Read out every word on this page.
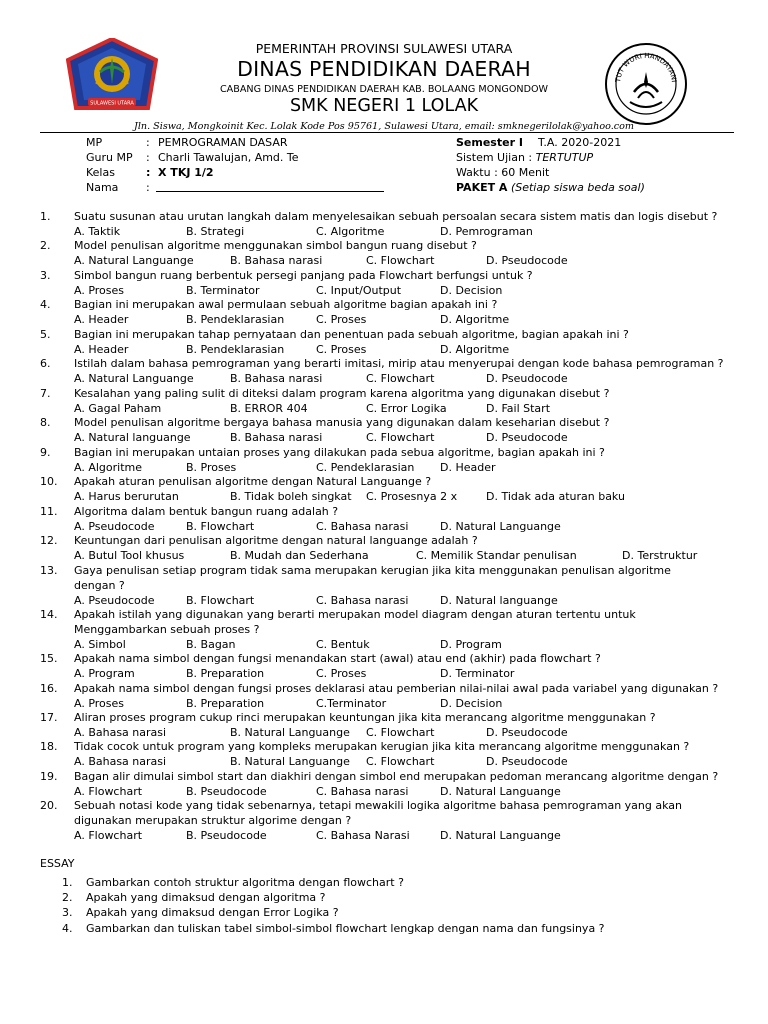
SULAWESI UTARA
TUT WURI HANDAYANI
PEMERINTAH PROVINSI SULAWESI UTARA
DINAS PENDIDIKAN DAERAH
CABANG DINAS PENDIDIKAN DAERAH KAB. BOLAANG MONGONDOW
SMK NEGERI 1 LOLAK
Jln. Siswa, Mongkoinit Kec. Lolak Kode Pos 95761, Sulawesi Utara, email: smknegerilolak@yahoo.com
MP	: PEMROGRAMAN DASAR
Guru MP : Charli Tawalujan, Amd. Te
Kelas	: X TKJ 1/2
Nama	:
Semester I T.A. 2020-2021
Sistem Ujian : TERTUTUP
Waktu : 60 Menit
PAKET A (Setiap siswa beda soal)
1. Suatu susunan atau urutan langkah dalam menyelesaikan sebuah persoalan secara sistem matis dan logis disebut ?
A. Taktik	B. Strategi	C. Algoritme	D. Pemrograman
2. Model penulisan algoritme menggunakan simbol bangun ruang disebut ?
A. Natural Languange	B. Bahasa narasi	C. Flowchart	D. Pseudocode
3. Simbol bangun ruang berbentuk persegi panjang pada Flowchart berfungsi untuk ?
A. Proses	B. Terminator	C. Input/Output	D. Decision
4. Bagian ini merupakan awal permulaan sebuah algoritme bagian apakah ini ?
A. Header	B. Pendeklarasian	C. Proses	D. Algoritme
5. Bagian ini merupakan tahap pernyataan dan penentuan pada sebuah algoritme, bagian apakah ini ?
A. Header	B. Pendeklarasian	C. Proses	D. Algoritme
6. Istilah dalam bahasa pemrograman yang berarti imitasi, mirip atau menyerupai dengan kode bahasa pemrograman ?
A. Natural Languange	B. Bahasa narasi	C. Flowchart	D. Pseudocode
7. Kesalahan yang paling sulit di diteksi dalam program karena algoritma yang digunakan disebut ?
A. Gagal Paham	B. ERROR 404	C. Error Logika	D. Fail Start
8. Model penulisan algoritme bergaya bahasa manusia yang digunakan dalam keseharian disebut ?
A. Natural languange	B. Bahasa narasi	C. Flowchart	D. Pseudocode
9. Bagian ini merupakan untaian proses yang dilakukan pada sebua algoritme, bagian apakah ini ?
A. Algoritme	B. Proses	C. Pendeklarasian D. Header
10. Apakah aturan penulisan algoritme dengan Natural Languange ?
A. Harus berurutan	B. Tidak boleh singkat C. Prosesnya 2 x	D. Tidak ada aturan baku
11. Algoritma dalam bentuk bangun ruang adalah ?
A. Pseudocode	B. Flowchart	C. Bahasa narasi	D. Natural Languange
12. Keuntungan dari penulisan algoritme dengan natural languange adalah ?
A. Butul Tool khusus	B. Mudah dan Sederhana	C. Memilik Standar penulisan	D. Terstruktur
13. Gaya penulisan setiap program tidak sama merupakan kerugian jika kita menggunakan penulisan algoritme
dengan ?
A. Pseudocode	B. Flowchart	C. Bahasa narasi	D. Natural languange
14. Apakah istilah yang digunakan yang berarti merupakan model diagram dengan aturan tertentu untuk
Menggambarkan sebuah proses ?
A. Simbol	B. Bagan	C. Bentuk	D. Program
15. Apakah nama simbol dengan fungsi menandakan start (awal) atau end (akhir) pada flowchart ?
A. Program	B. Preparation	C. Proses	D. Terminator
16. Apakah nama simbol dengan fungsi proses deklarasi atau pemberian nilai-nilai awal pada variabel yang digunakan ?
A. Proses	B. Preparation	C.Terminator	D. Decision
17. Aliran proses program cukup rinci merupakan keuntungan jika kita merancang algoritme menggunakan ?
A. Bahasa narasi	B. Natural Languange C. Flowchart	D. Pseudocode
18. Tidak cocok untuk program yang kompleks merupakan kerugian jika kita merancang algoritme menggunakan ?
A. Bahasa narasi	B. Natural Languange C. Flowchart	D. Pseudocode
19. Bagan alir dimulai simbol start dan diakhiri dengan simbol end merupakan pedoman merancang algoritme dengan ?
A. Flowchart	B. Pseudocode	C. Bahasa narasi	D. Natural Languange
20. Sebuah notasi kode yang tidak sebenarnya, tetapi mewakili logika algoritme bahasa pemrograman yang akan
digunakan merupakan struktur algorime dengan ?
A. Flowchart	B. Pseudocode	C. Bahasa Narasi	D. Natural Languange
ESSAY
1. Gambarkan contoh struktur algoritma dengan flowchart ?
2. Apakah yang dimaksud dengan algoritma ?
3. Apakah yang dimaksud dengan Error Logika ?
4. Gambarkan dan tuliskan tabel simbol-simbol flowchart lengkap dengan nama dan fungsinya ?
